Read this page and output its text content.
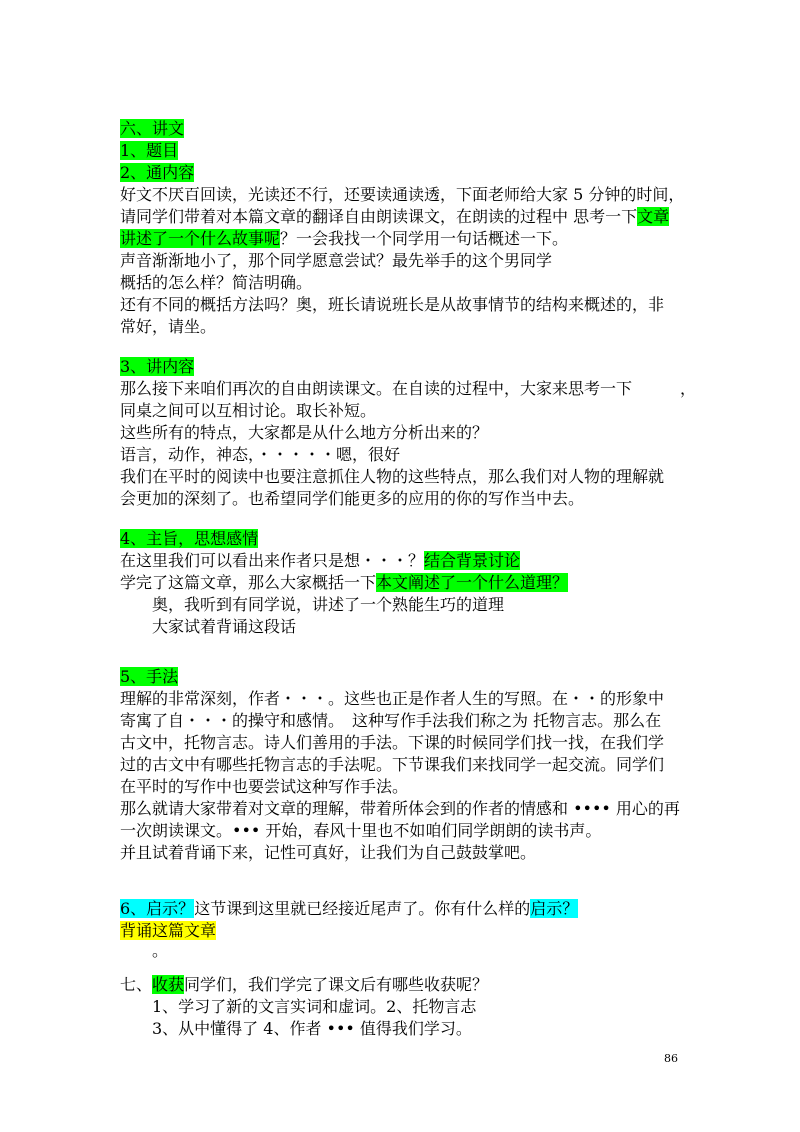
六、讲文
1、题目
2、通内容
好文不厌百回读，光读还不行，还要读通读透，下面老师给大家 5 分钟的时间，
请同学们带着对本篇文章的翻译自由朗读课文，在朗读的过程中 思考一下文章
讲述了一个什么故事呢？一会我找一个同学用一句话概述一下。
声音渐渐地小了，那个同学愿意尝试？最先举手的这个男同学
概括的怎么样？简洁明确。
还有不同的概括方法吗？奥，班长请说班长是从故事情节的结构来概述的，非
常好，请坐。
3、讲内容
那么接下来咱们再次的自由朗读课文。在自读的过程中，大家来思考一下　　　，
同桌之间可以互相讨论。取长补短。
这些所有的特点，大家都是从什么地方分析出来的？
语言，动作，神态，・・・・・嗯，很好
我们在平时的阅读中也要注意抓住人物的这些特点，那么我们对人物的理解就
会更加的深刻了。也希望同学们能更多的应用的你的写作当中去。
4、主旨，思想感情
在这里我们可以看出来作者只是想・・・？结合背景讨论
学完了这篇文章，那么大家概括一下本文阐述了一个什么道理？
奥，我听到有同学说，讲述了一个熟能生巧的道理
大家试着背诵这段话
5、手法
理解的非常深刻，作者・・・。这些也正是作者人生的写照。在・・的形象中
寄寓了自・・・的操守和感情。　这种写作手法我们称之为 托物言志。那么在
古文中，托物言志。诗人们善用的手法。下课的时候同学们找一找，在我们学
过的古文中有哪些托物言志的手法呢。下节课我们来找同学一起交流。同学们
在平时的写作中也要尝试这种写作手法。
那么就请大家带着对文章的理解，带着所体会到的作者的情感和 •••• 用心的再
一次朗读课文。••• 开始，春风十里也不如咱们同学朗朗的读书声。
并且试着背诵下来，记性可真好，让我们为自己鼓鼓掌吧。
6、启示？这节课到这里就已经接近尾声了。你有什么样的启示？
背诵这篇文章
。
七、收获同学们，我们学完了课文后有哪些收获呢？
1、学习了新的文言实词和虚词。2、托物言志
3、从中懂得了 4、作者 ••• 值得我们学习。
86
